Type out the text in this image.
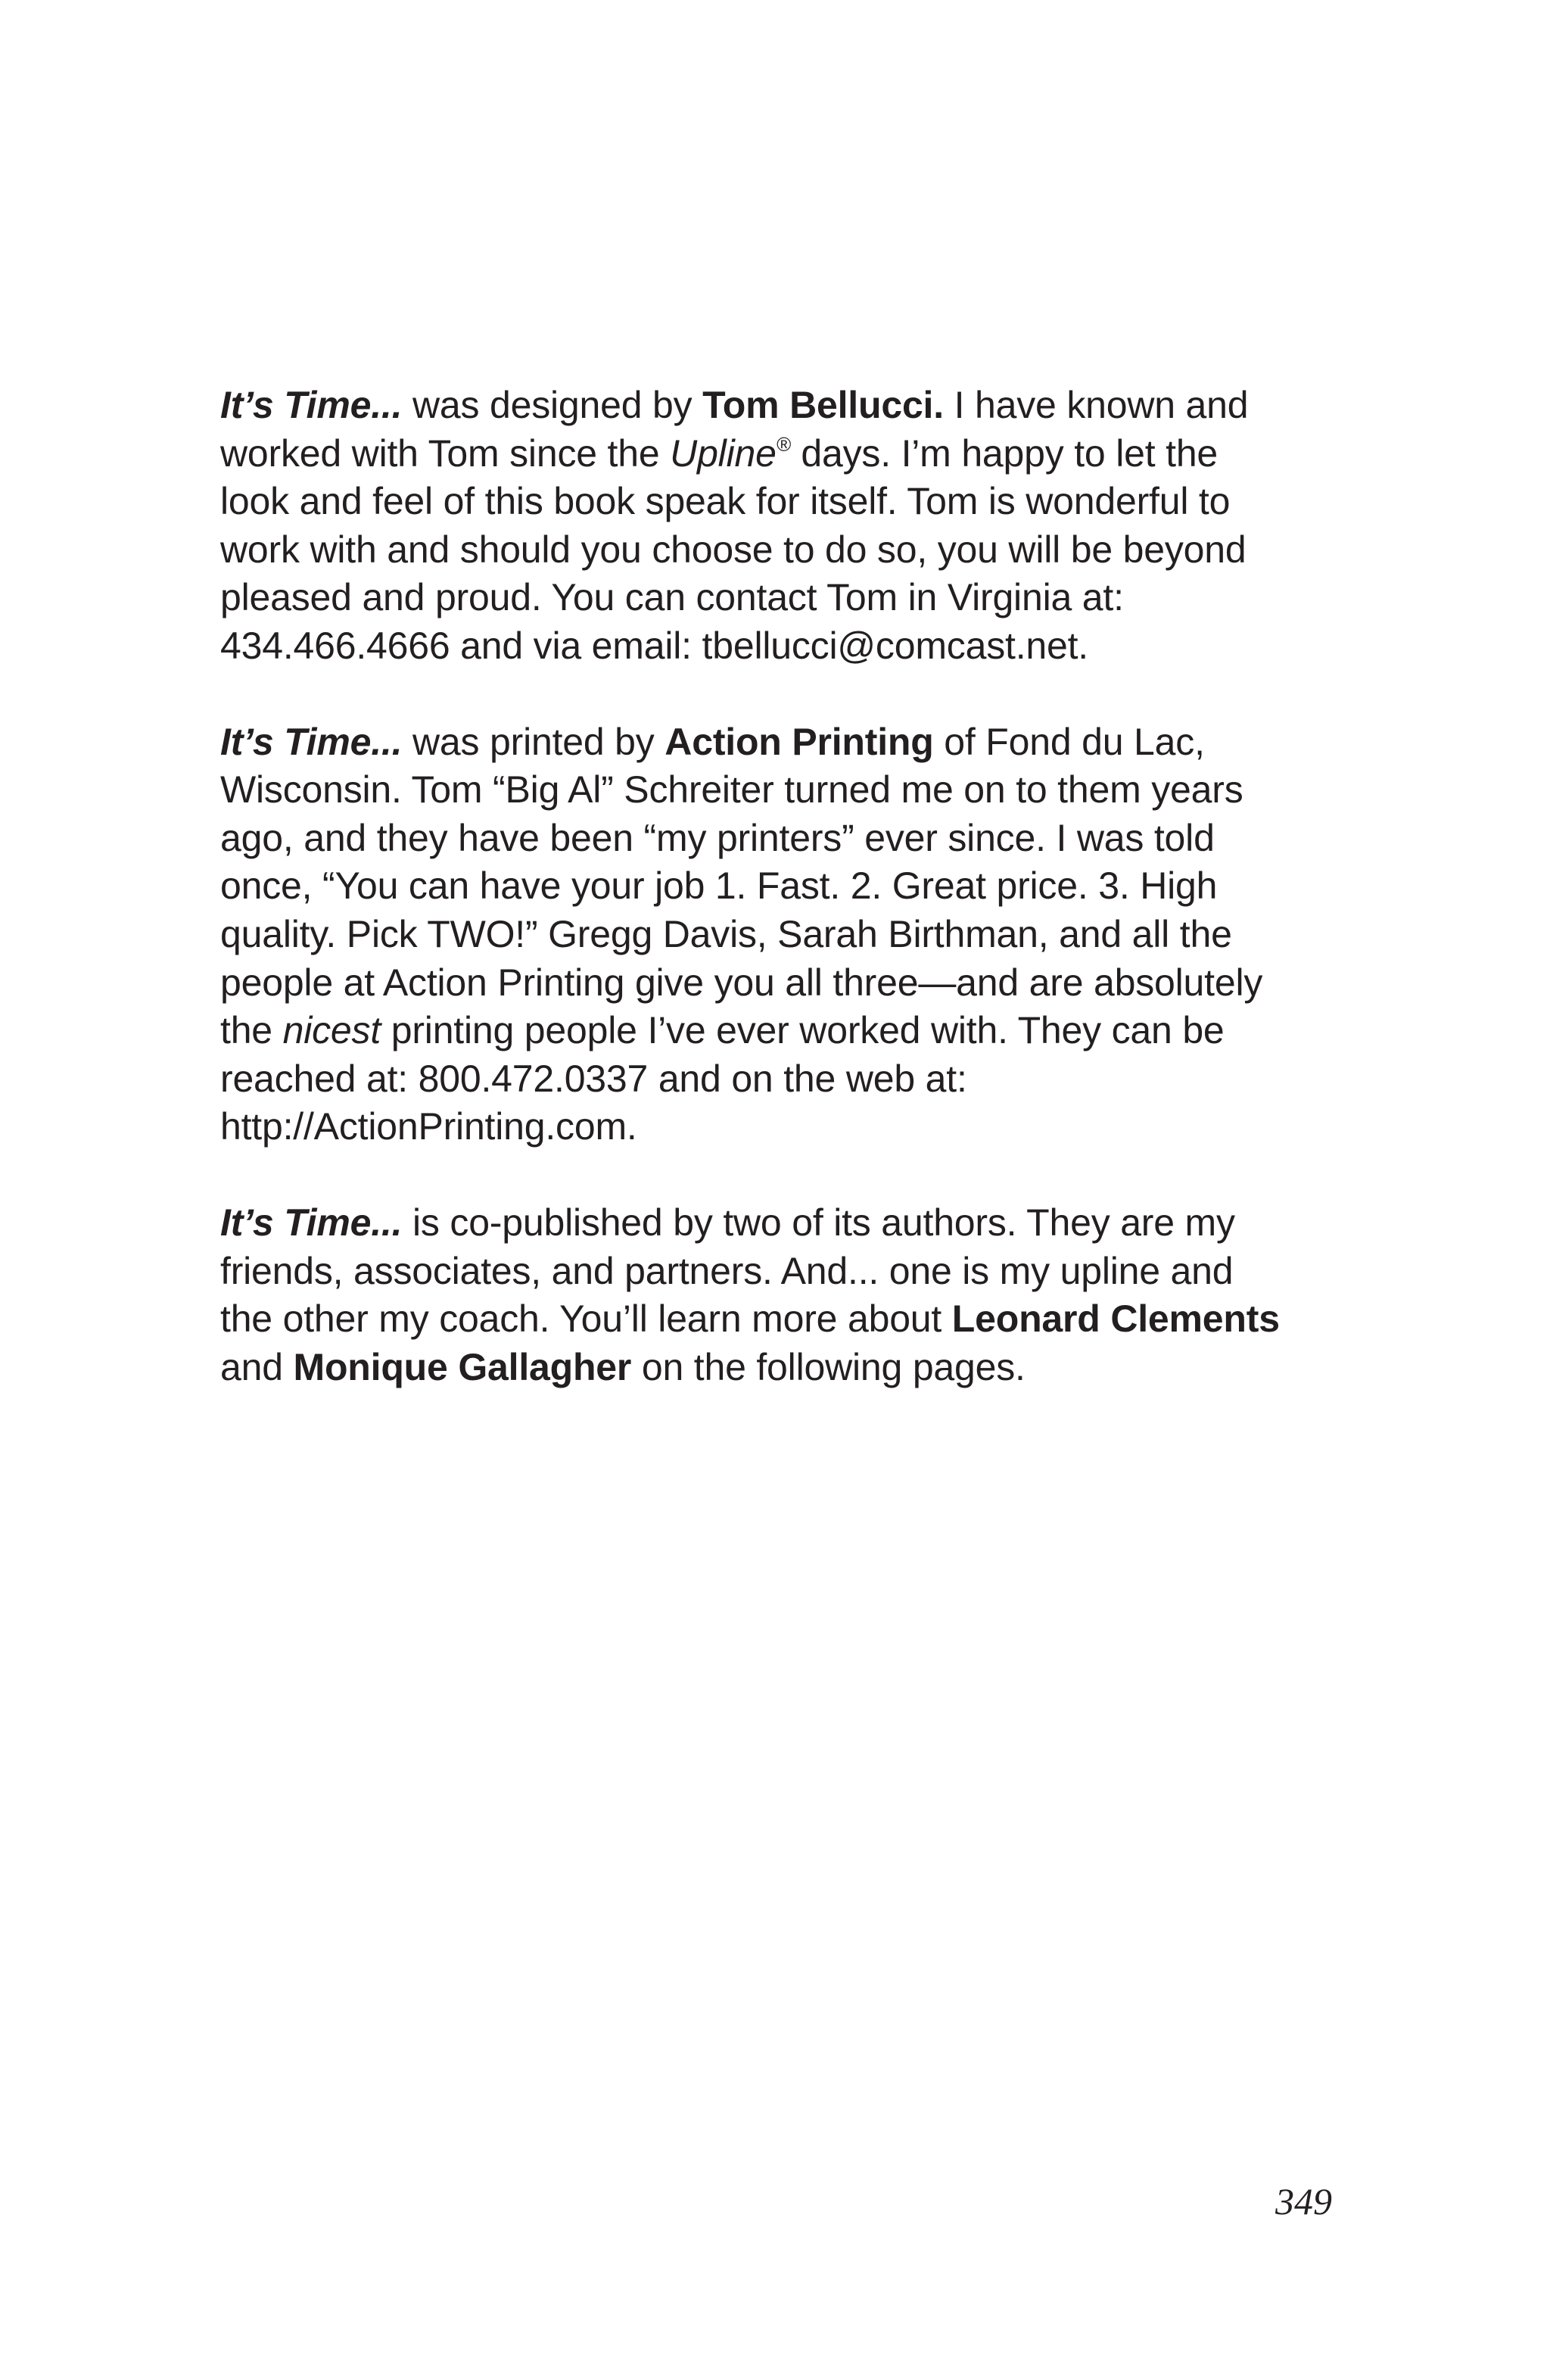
It’s Time... was designed by Tom Bellucci. I have known and
worked with Tom since the Upline® days. I’m happy to let the
look and feel of this book speak for itself. Tom is wonderful to
work with and should you choose to do so, you will be beyond
pleased and proud. You can contact Tom in Virginia at:
434.466.4666 and via email: tbellucci@comcast.net.

It’s Time... was printed by Action Printing of Fond du Lac,
Wisconsin. Tom “Big Al” Schreiter turned me on to them years
ago, and they have been “my printers” ever since. I was told
once, “You can have your job 1. Fast. 2. Great price. 3. High
quality. Pick TWO!” Gregg Davis, Sarah Birthman, and all the
people at Action Printing give you all three—and are absolutely
the nicest printing people I’ve ever worked with. They can be
reached at: 800.472.0337 and on the web at:
http://ActionPrinting.com.

It’s Time... is co-published by two of its authors. They are my
friends, associates, and partners. And... one is my upline and
the other my coach. You’ll learn more about Leonard Clements
and Monique Gallagher on the following pages.

349
